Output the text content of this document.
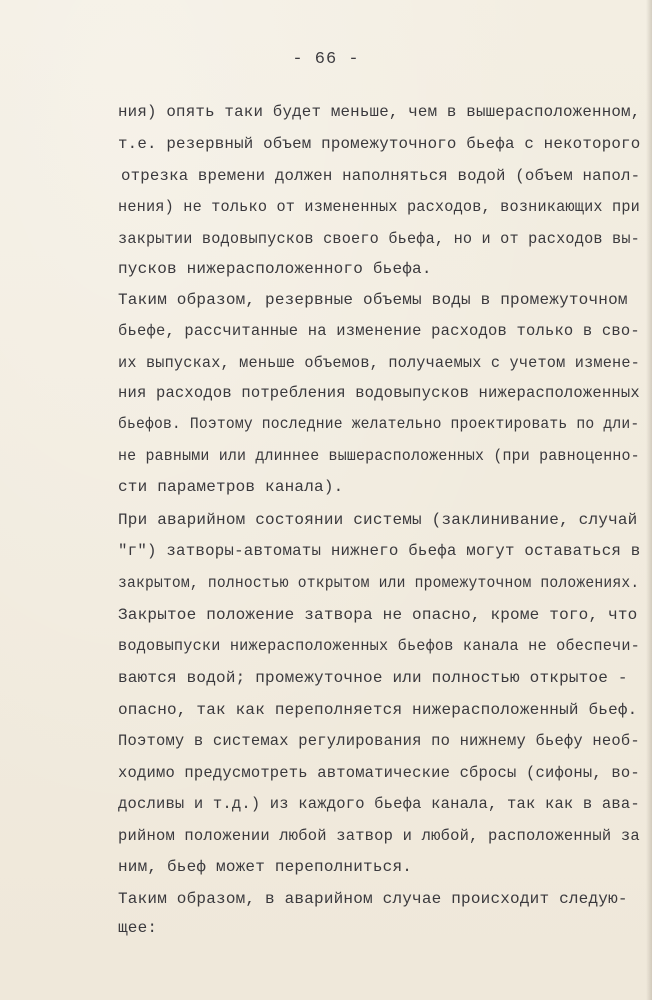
- 66 -
ния) опять таки будет меньше, чем в вышерасположенном,
т.е. резервный объем промежуточного бьефа с некоторого
отрезка времени должен наполняться водой (объем напол-
нения) не только от измененных расходов, возникающих при
закрытии водовыпусков своего бьефа, но и от расходов вы-
пусков нижерасположенного бьефа.
Таким образом, резервные объемы воды в промежуточном
бьефе, рассчитанные на изменение расходов только в сво-
их выпусках, меньше объемов, получаемых с учетом измене-
ния расходов потребления водовыпусков нижерасположенных
бьефов. Поэтому последние желательно проектировать по дли-
не равными или длиннее вышерасположенных (при равноценно-
сти параметров канала).
При аварийном состоянии системы (заклинивание, случай
"г") затворы-автоматы нижнего бьефа могут оставаться в
закрытом, полностью открытом или промежуточном положениях.
Закрытое положение затвора не опасно, кроме того, что
водовыпуски нижерасположенных бьефов канала не обеспечи-
ваются водой; промежуточное или полностью открытое -
опасно, так как переполняется нижерасположенный бьеф.
Поэтому в системах регулирования по нижнему бьефу необ-
ходимо предусмотреть автоматические сбросы (сифоны, во-
досливы и т.д.) из каждого бьефа канала, так как в ава-
рийном положении любой затвор и любой, расположенный за
ним, бьеф может переполниться.
Таким образом, в аварийном случае происходит следую-
щее:
